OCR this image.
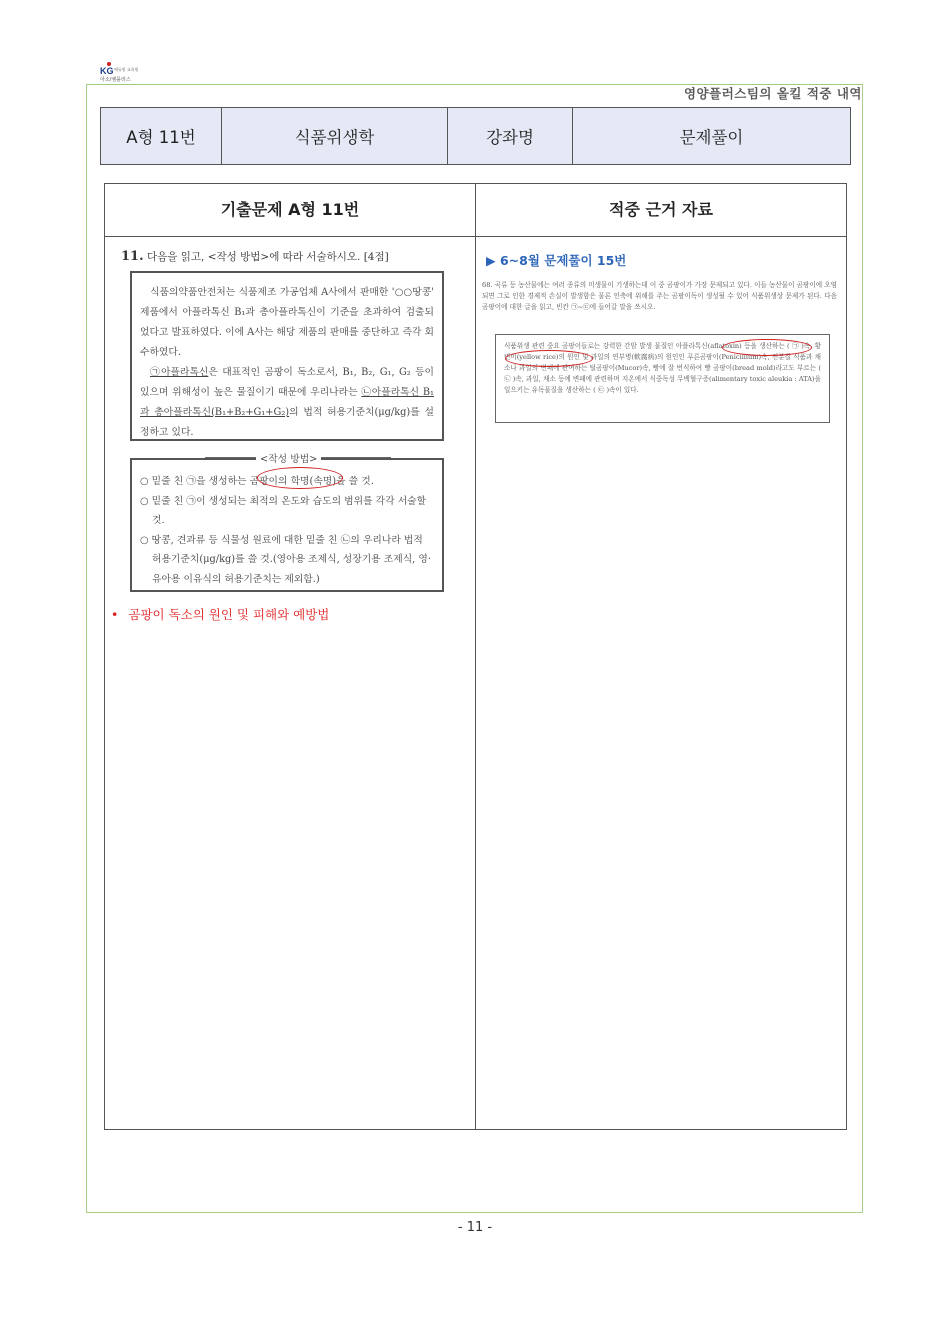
KG 에듀원 교육원
아소/엠플러스
영양플러스팀의 올킬 적중 내역
A형 11번	식품위생학	강좌명	문제풀이
기출문제 A형 11번	적중 근거 자료
11. 다음을 읽고, <작성 방법>에 따라 서술하시오. [4점]

식품의약품안전처는 식품제조 가공업체 A사에서 판매한 '○○땅콩' 제품에서 아플라톡신 B₁과 총아플라톡신이 기준을 초과하여 검출되었다고 발표하였다. 이에 A사는 해당 제품의 판매를 중단하고 즉각 회수하였다.

㉠아플라톡신은 대표적인 곰팡이 독소로서, B₁, B₂, G₁, G₂ 등이 있으며 위해성이 높은 물질이기 때문에 우리나라는 ㉡아플라톡신 B₁과 총아플라톡신(B₁+B₂+G₁+G₂)의 법적 허용기준치(μg/kg)를 설정하고 있다.

○ 밑줄 친 ㉠을 생성하는 곰팡이의 학명(속명)을 쓸 것.

○ 밑줄 친 ㉠이 생성되는 최적의 온도와 습도의 범위를 각각 서술할 것.

○ 땅콩, 견과류 등 식물성 원료에 대한 밑줄 친 ㉡의 우리나라 법적 허용기준치(μg/kg)를 쓸 것.(영아용 조제식, 성장기용 조제식, 영·유아용 이유식의 허용기준치는 제외함.)

<작성 방법>
• 곰팡이 독소의 원인 및 피해와 예방법
▶ 6~8월 문제풀이 15번
68. 곡류 등 농산물에는 여러 종류의 미생물이 기생하는데 이 중 곰팡이가 가장 문제되고 있다. 이들 농산물이 곰팡이에 오염되면 그로 인한 경제적 손실이 발생함은 물론 인축에 위해를 주는 곰팡이독이 생성될 수 있어 식품위생상 문제가 된다. 다음 곰팡이에 대한 글을 읽고, 빈칸 ㉠~㉢에 들어갈 말을 쓰시오.
식품위생 관련 중요 곰팡이들로는 강력한 간암 발생 물질인 아플라톡신(aflatoxin) 등을 생산하는 ( ㉠ )속, 황변미(yellow rice)의 원인 및 과일의 연부병(軟腐病)의 원인인 푸른곰팡이(Penicillium)속, 전분질 식품과 채소나 과일의 변패에 관여하는 털곰팡이(Mucor)속, 빵에 잘 번식하여 빵 곰팡이(bread mold)라고도 부르는 ( ㉡ )속, 과일, 채소 등에 변패에 관련하며 지온에서 식중독성 무백혈구증(alimentary toxic aleukia : ATA)을 일으키는 유독물질을 생산하는 ( ㉢ )속이 있다.
- 11 -
